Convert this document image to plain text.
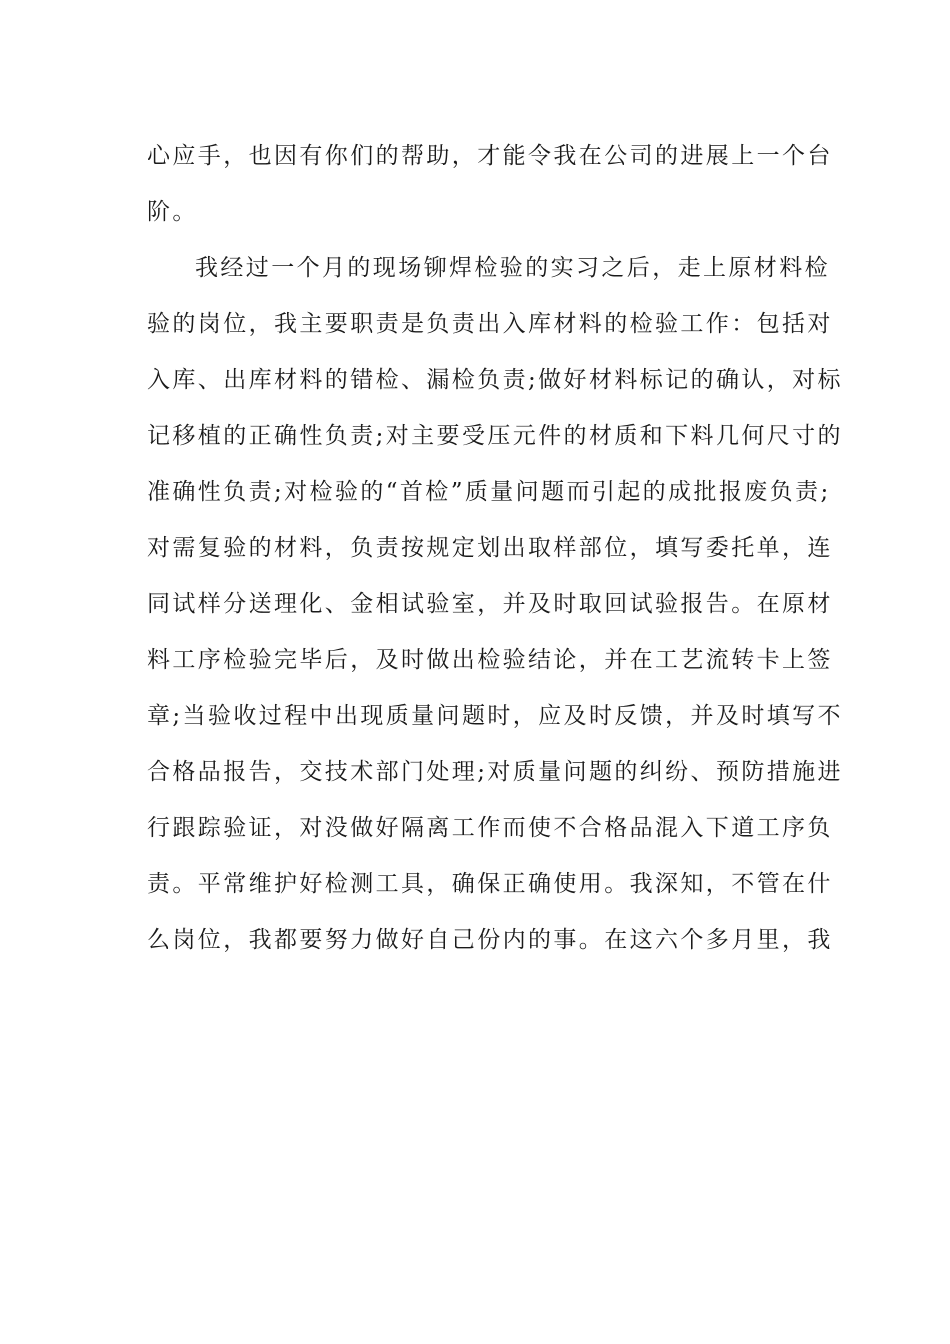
心应手，也因有你们的帮助，才能令我在公司的进展上一个台
阶。
我经过一个月的现场铆焊检验的实习之后，走上原材料检
验的岗位，我主要职责是负责出入库材料的检验工作：包括对
入库、出库材料的错检、漏检负责;做好材料标记的确认，对标
记移植的正确性负责;对主要受压元件的材质和下料几何尺寸的
准确性负责;对检验的“首检”质量问题而引起的成批报废负责;
对需复验的材料，负责按规定划出取样部位，填写委托单，连
同试样分送理化、金相试验室，并及时取回试验报告。在原材
料工序检验完毕后，及时做出检验结论，并在工艺流转卡上签
章;当验收过程中出现质量问题时，应及时反馈，并及时填写不
合格品报告，交技术部门处理;对质量问题的纠纷、预防措施进
行跟踪验证，对没做好隔离工作而使不合格品混入下道工序负
责。平常维护好检测工具，确保正确使用。我深知，不管在什
么岗位，我都要努力做好自己份内的事。在这六个多月里，我
